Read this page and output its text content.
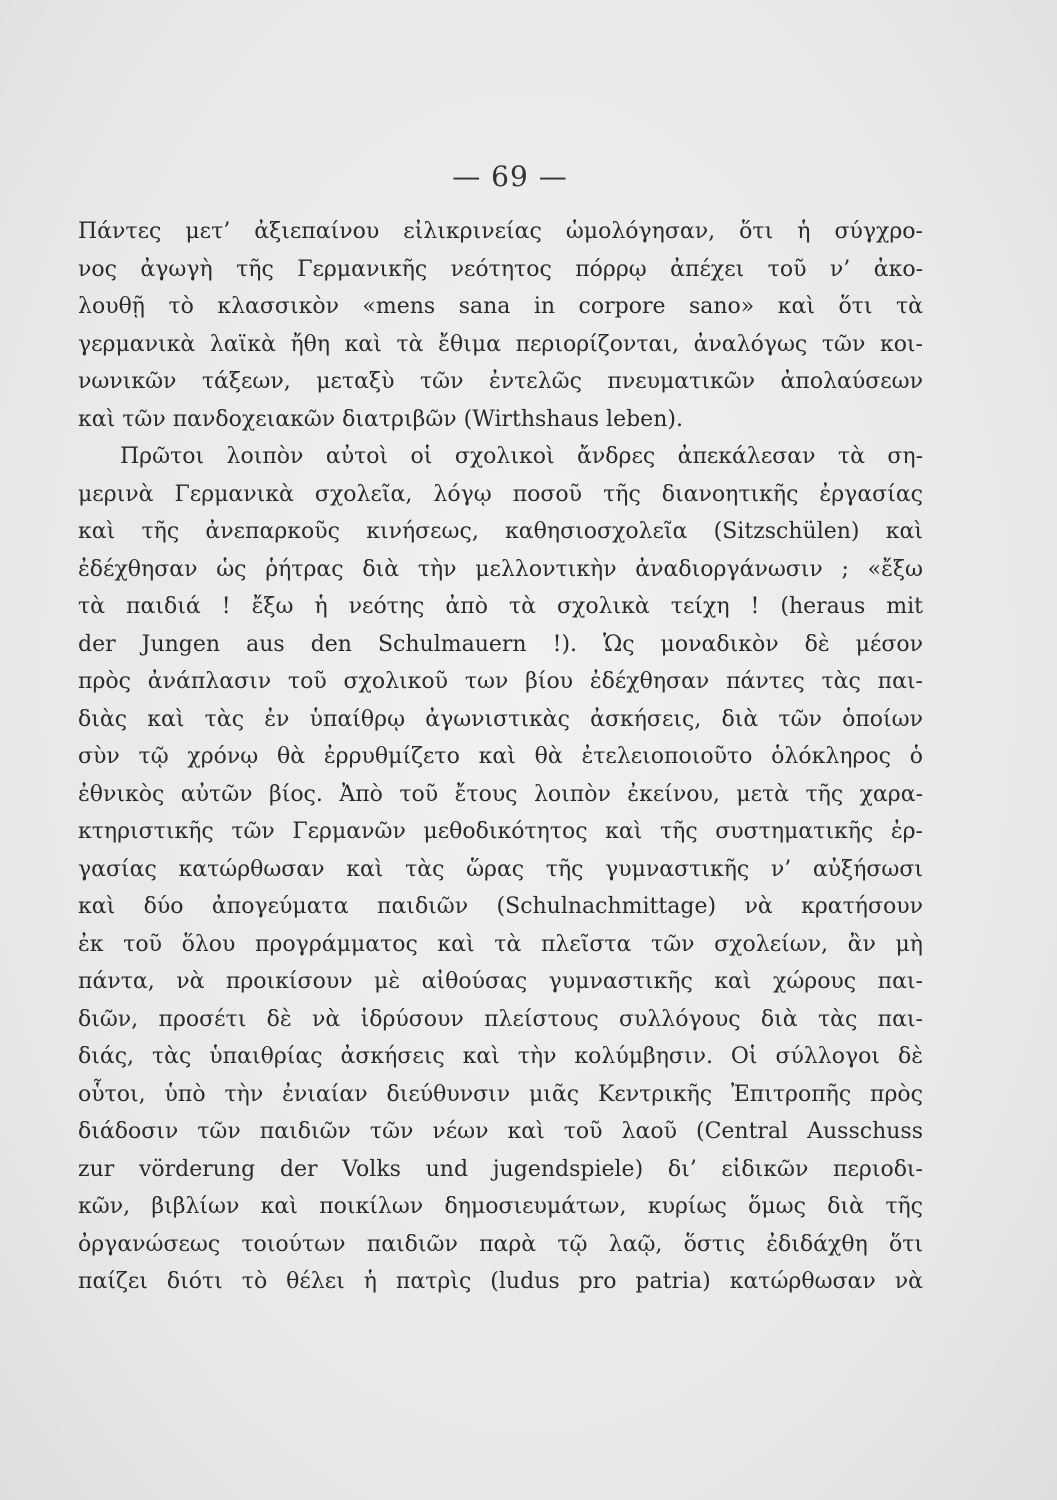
— 69 —
Πάντες μετ’ ἀξιεπαίνου εἰλικρινείας ὡμολόγησαν, ὅτι ἡ σύγχρο-
νος ἀγωγὴ τῆς Γερμανικῆς νεότητος πόρρῳ ἀπέχει τοῦ ν’ ἀκο-
λουθῇ τὸ κλασσικὸν «mens sana in corpore sano» καὶ ὅτι τὰ
γερμανικὰ λαϊκὰ ἤθη καὶ τὰ ἔθιμα περιορίζονται, ἀναλόγως τῶν κοι-
νωνικῶν τάξεων, μεταξὺ τῶν ἐντελῶς πνευματικῶν ἀπολαύσεων
καὶ τῶν πανδοχειακῶν διατριβῶν (Wirthshaus leben).
Πρῶτοι λοιπὸν αὐτοὶ οἱ σχολικοὶ ἄνδρες ἀπεκάλεσαν τὰ ση-
μερινὰ Γερμανικὰ σχολεῖα, λόγῳ ποσοῦ τῆς διανοητικῆς ἐργασίας
καὶ τῆς ἀνεπαρκοῦς κινήσεως, καθησιοσχολεῖα (Sitzschülen) καὶ
ἐδέχθησαν ὡς ῥήτρας διὰ τὴν μελλοντικὴν ἀναδιοργάνωσιν ; «ἔξω
τὰ παιδιά ! ἔξω ἡ νεότης ἀπὸ τὰ σχολικὰ τείχη ! (heraus mit
der Jungen aus den Schulmauern !). Ὡς μοναδικὸν δὲ μέσον
πρὸς ἀνάπλασιν τοῦ σχολικοῦ των βίου ἐδέχθησαν πάντες τὰς παι-
διὰς καὶ τὰς ἐν ὑπαίθρῳ ἀγωνιστικὰς ἀσκήσεις, διὰ τῶν ὁποίων
σὺν τῷ χρόνῳ θὰ ἐρρυθμίζετο καὶ θὰ ἐτελειοποιοῦτο ὁλόκληρος ὁ
ἐθνικὸς αὐτῶν βίος. Ἀπὸ τοῦ ἔτους λοιπὸν ἐκείνου, μετὰ τῆς χαρα-
κτηριστικῆς τῶν Γερμανῶν μεθοδικότητος καὶ τῆς συστηματικῆς ἐρ-
γασίας κατώρθωσαν καὶ τὰς ὥρας τῆς γυμναστικῆς ν’ αὐξήσωσι
καὶ δύο ἀπογεύματα παιδιῶν (Schulnachmittage) νὰ κρατήσουν
ἐκ τοῦ ὅλου προγράμματος καὶ τὰ πλεῖστα τῶν σχολείων, ἂν μὴ
πάντα, νὰ προικίσουν μὲ αἰθούσας γυμναστικῆς καὶ χώρους παι-
διῶν, προσέτι δὲ νὰ ἱδρύσουν πλείστους συλλόγους διὰ τὰς παι-
διάς, τὰς ὑπαιθρίας ἀσκήσεις καὶ τὴν κολύμβησιν. Οἱ σύλλογοι δὲ
οὗτοι, ὑπὸ τὴν ἐνιαίαν διεύθυνσιν μιᾶς Κεντρικῆς Ἐπιτροπῆς πρὸς
διάδοσιν τῶν παιδιῶν τῶν νέων καὶ τοῦ λαοῦ (Central Ausschuss
zur vörderung der Volks und jugendspiele) δι’ εἰδικῶν περιοδι-
κῶν, βιβλίων καὶ ποικίλων δημοσιευμάτων, κυρίως ὅμως διὰ τῆς
ὀργανώσεως τοιούτων παιδιῶν παρὰ τῷ λαῷ, ὅστις ἐδιδάχθη ὅτι
παίζει διότι τὸ θέλει ἡ πατρὶς (ludus pro patria) κατώρθωσαν νὰ
